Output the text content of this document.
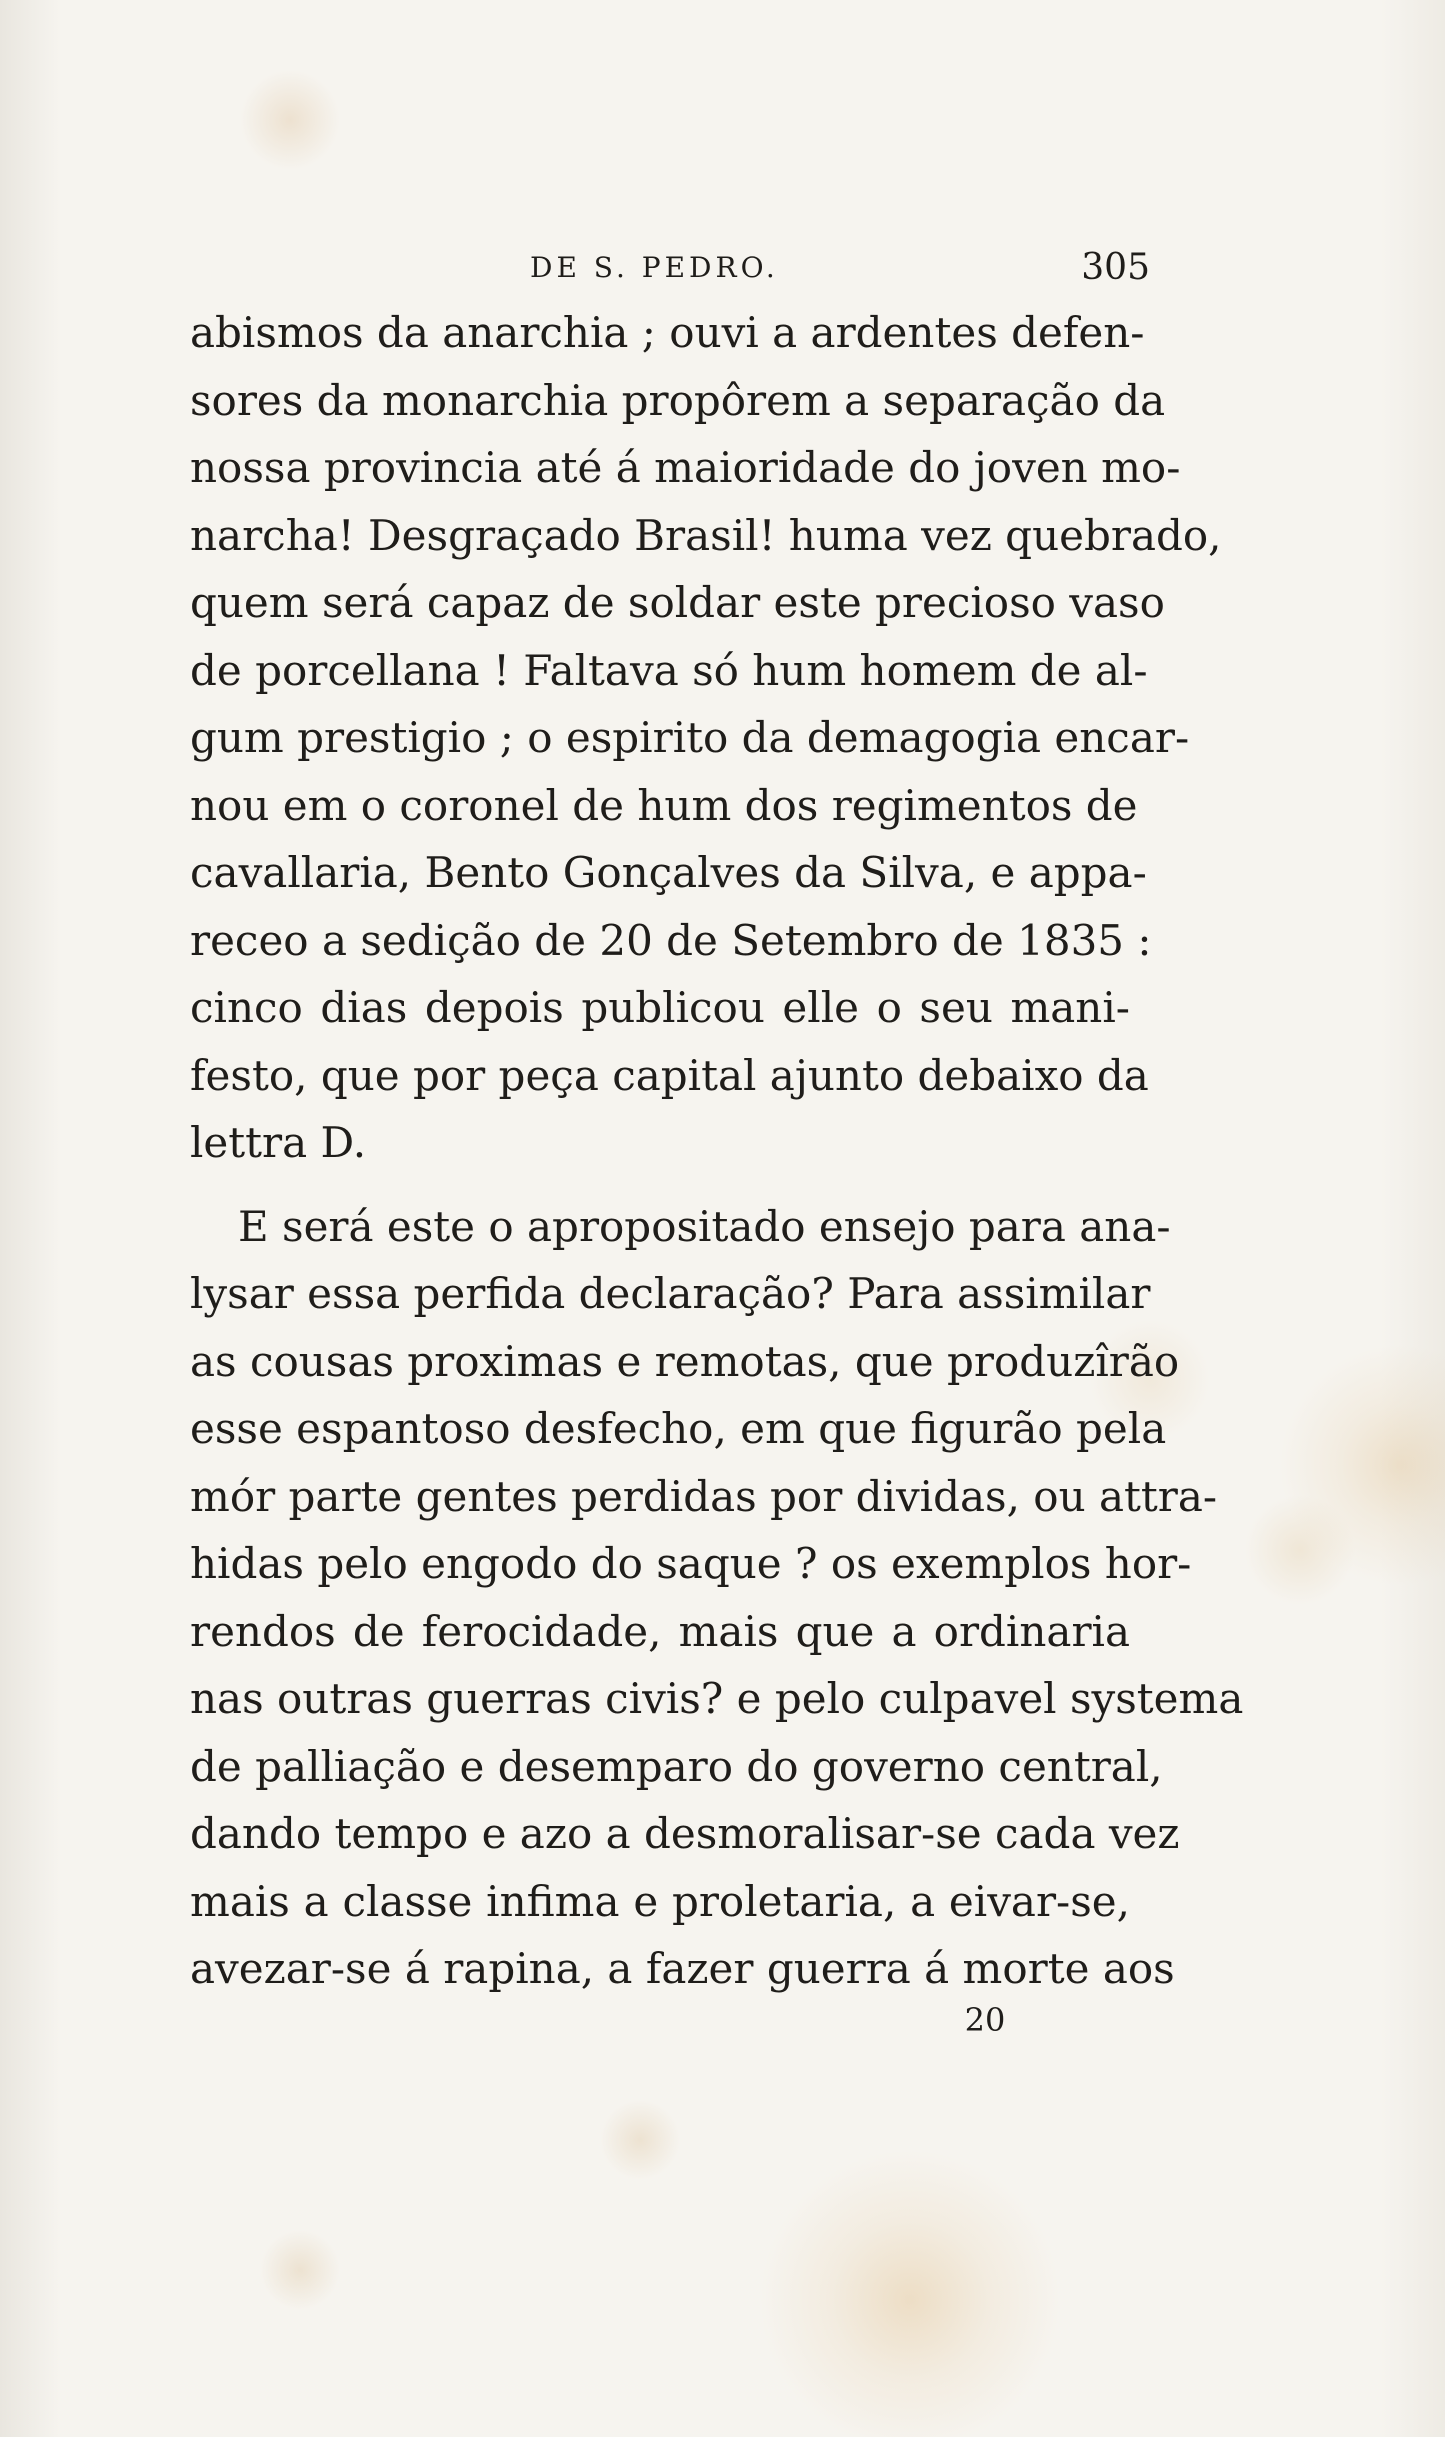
DE S. PEDRO.	305
abismos da anarchia ; ouvi a ardentes defen-
sores da monarchia propôrem a separação da
nossa provincia até á maioridade do joven mo-
narcha! Desgraçado Brasil! huma vez quebrado,
quem será capaz de soldar este precioso vaso
de porcellana ! Faltava só hum homem de al-
gum prestigio ; o espirito da demagogia encar-
nou em o coronel de hum dos regimentos de
cavallaria, Bento Gonçalves da Silva, e appa-
receo a sedição de 20 de Setembro de 1835 :
cinco dias depois publicou elle o seu mani-
festo, que por peça capital ajunto debaixo da
lettra D.
E será este o apropositado ensejo para ana-
lysar essa perfida declaração? Para assimilar
as cousas proximas e remotas, que produzîrão
esse espantoso desfecho, em que figurão pela
mór parte gentes perdidas por dividas, ou attra-
hidas pelo engodo do saque ? os exemplos hor-
rendos de ferocidade, mais que a ordinaria
nas outras guerras civis? e pelo culpavel systema
de palliação e desemparo do governo central,
dando tempo e azo a desmoralisar-se cada vez
mais a classe infima e proletaria, a eivar-se,
avezar-se á rapina, a fazer guerra á morte aos
20
